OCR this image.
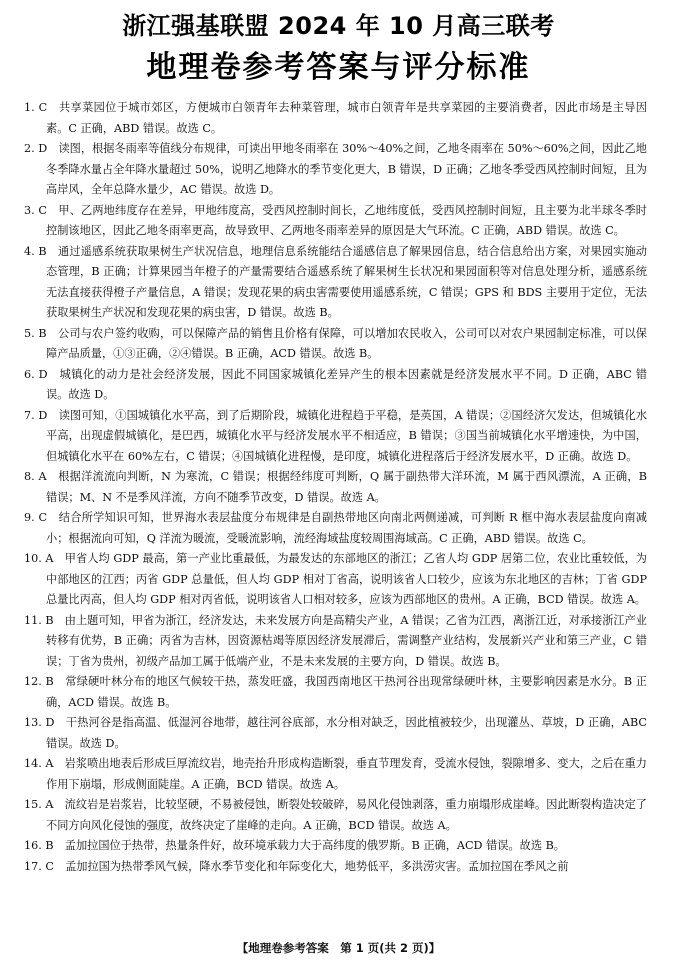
浙江强基联盟 2024 年 10 月高三联考
地理卷参考答案与评分标准

1. C　共享菜园位于城市郊区，方便城市白领青年去种菜管理，城市白领青年是共享菜园的主要消费者，因此市场是主导因素。C 正确，ABD 错误。故选 C。

2. D　读图，根据冬雨率等值线分布规律，可读出甲地冬雨率在 30%～40%之间，乙地冬雨率在 50%～60%之间，因此乙地冬季降水量占全年降水量超过 50%，说明乙地降水的季节变化更大，B 错误，D 正确；乙地冬季受西风控制时间短，且为高岸风，全年总降水量少，AC 错误。故选 D。

3. C　甲、乙两地纬度存在差异，甲地纬度高，受西风控制时间长，乙地纬度低，受西风控制时间短，且主要为北半球冬季时控制该地区，因此乙地冬雨率更高，故导致甲、乙两地冬雨率差异的原因是大气环流。C 正确，ABD 错误。故选 C。

4. B　通过遥感系统获取果树生产状况信息，地理信息系统能结合遥感信息了解果园信息，结合信息给出方案，对果园实施动态管理，B 正确；计算果园当年橙子的产量需要结合遥感系统了解果树生长状况和果园面积等对信息处理分析，遥感系统无法直接获得橙子产量信息，A 错误；发现花果的病虫害需要使用遥感系统，C 错误；GPS 和 BDS 主要用于定位，无法获取果树生产状况和发现花果的病虫害，D 错误。故选 B。

5. B　公司与农户签约收购，可以保障产品的销售且价格有保障，可以增加农民收入，公司可以对农户果园制定标准，可以保障产品质量，①③正确，②④错误。B 正确，ACD 错误。故选 B。

6. D　城镇化的动力是社会经济发展，因此不同国家城镇化差异产生的根本因素就是经济发展水平不同。D 正确，ABC 错误。故选 D。

7. D　读图可知，①国城镇化水平高，到了后期阶段，城镇化进程趋于平稳，是英国，A 错误；②国经济欠发达，但城镇化水平高，出现虚假城镇化，是巴西，城镇化水平与经济发展水平不相适应，B 错误；③国当前城镇化水平增速快，为中国，但城镇化水平在 60%左右，C 错误；④国城镇化进程慢，是印度，城镇化进程落后于经济发展水平，D 正确。故选 D。

8. A　根据洋流流向判断，N 为寒流，C 错误；根据经纬度可判断，Q 属于副热带大洋环流，M 属于西风漂流，A 正确，B 错误；M、N 不是季风洋流，方向不随季节改变，D 错误。故选 A。

9. C　结合所学知识可知，世界海水表层盐度分布规律是自副热带地区向南北两侧递减，可判断 R 框中海水表层盐度向南减小；根据流向可知，Q 洋流为暖流，受暖流影响，流经海域盐度较周围海域高。C 正确，ABD 错误。故选 C。

10. A　甲省人均 GDP 最高，第一产业比重最低，为最发达的东部地区的浙江；乙省人均 GDP 居第二位，农业比重较低，为中部地区的江西；丙省 GDP 总量低，但人均 GDP 相对丁省高，说明该省人口较少，应该为东北地区的吉林；丁省 GDP 总量比丙高，但人均 GDP 相对丙省低，说明该省人口相对较多，应该为西部地区的贵州。A 正确，BCD 错误。故选 A。

11. B　由上题可知，甲省为浙江，经济发达，未来发展方向是高精尖产业，A 错误；乙省为江西，离浙江近，对承接浙江产业转移有优势，B 正确；丙省为吉林，因资源枯竭等原因经济发展滞后，需调整产业结构，发展新兴产业和第三产业，C 错误；丁省为贵州，初级产品加工属于低端产业，不是未来发展的主要方向，D 错误。故选 B。

12. B　常绿硬叶林分布的地区气候较干热，蒸发旺盛，我国西南地区干热河谷出现常绿硬叶林，主要影响因素是水分。B 正确，ACD 错误。故选 B。

13. D　干热河谷是指高温、低湿河谷地带，越往河谷底部，水分相对缺乏，因此植被较少，出现灌丛、草坡，D 正确，ABC 错误。故选 D。

14. A　岩浆喷出地表后形成巨厚流纹岩，地壳抬升形成构造断裂，垂直节理发育，受流水侵蚀，裂隙增多、变大，之后在重力作用下崩塌，形成侧面陡崖。A 正确，BCD 错误。故选 A。

15. A　流纹岩是岩浆岩，比较坚硬，不易被侵蚀，断裂处较破碎，易风化侵蚀剥落，重力崩塌形成崖峰。因此断裂构造决定了不同方向风化侵蚀的强度，故终决定了崖峰的走向。A 正确，BCD 错误。故选 A。

16. B　孟加拉国位于热带，热量条件好，故环境承载力大于高纬度的俄罗斯。B 正确，ACD 错误。故选 B。

17. C　孟加拉国为热带季风气候，降水季节变化和年际变化大，地势低平，多洪涝灾害。孟加拉国在季风之前

【地理卷参考答案　第 1 页(共 2 页)】
